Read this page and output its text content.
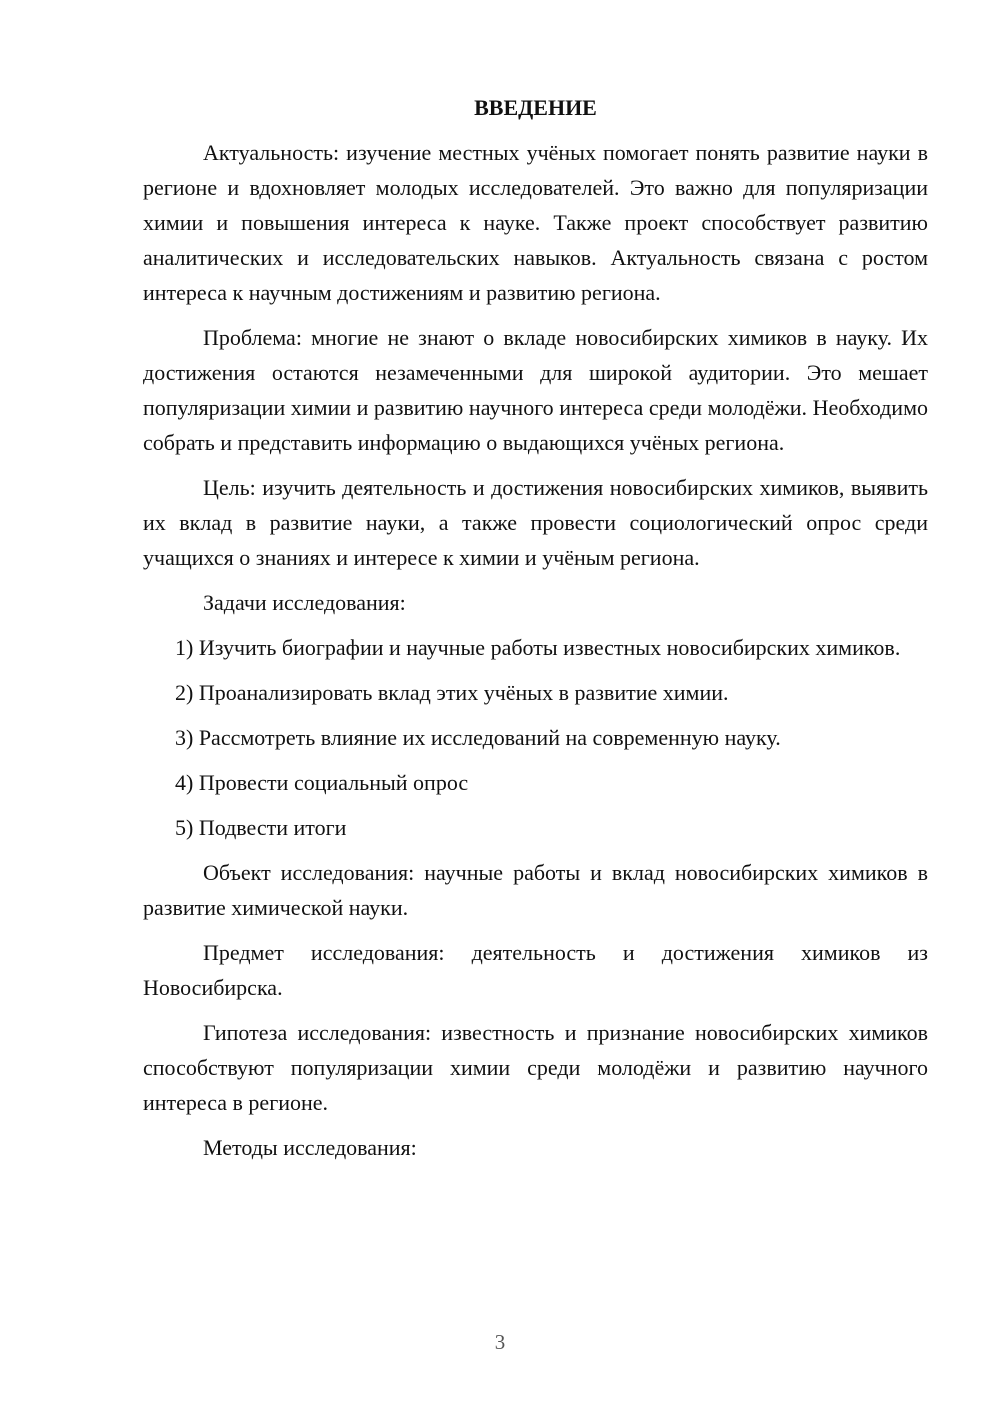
ВВЕДЕНИЕ

Актуальность: изучение местных учёных помогает понять развитие науки в регионе и вдохновляет молодых исследователей. Это важно для популяризации химии и повышения интереса к науке. Также проект способствует развитию аналитических и исследовательских навыков. Актуальность связана с ростом интереса к научным достижениям и развитию региона.

Проблема: многие не знают о вкладе новосибирских химиков в науку. Их достижения остаются незамеченными для широкой аудитории. Это мешает популяризации химии и развитию научного интереса среди молодёжи. Необходимо собрать и представить информацию о выдающихся учёных региона.

Цель: изучить деятельность и достижения новосибирских химиков, выявить их вклад в развитие науки, а также провести социологический опрос среди учащихся о знаниях и интересе к химии и учёным региона.

Задачи исследования:

1) Изучить биографии и научные работы известных новосибирских химиков.

2) Проанализировать вклад этих учёных в развитие химии.

3) Рассмотреть влияние их исследований на современную науку.

4) Провести социальный опрос

5) Подвести итоги

Объект исследования: научные работы и вклад новосибирских химиков в развитие химической науки.

Предмет исследования: деятельность и достижения химиков из Новосибирска.

Гипотеза исследования: известность и признание новосибирских химиков способствуют популяризации химии среди молодёжи и развитию научного интереса в регионе.

Методы исследования:

3
